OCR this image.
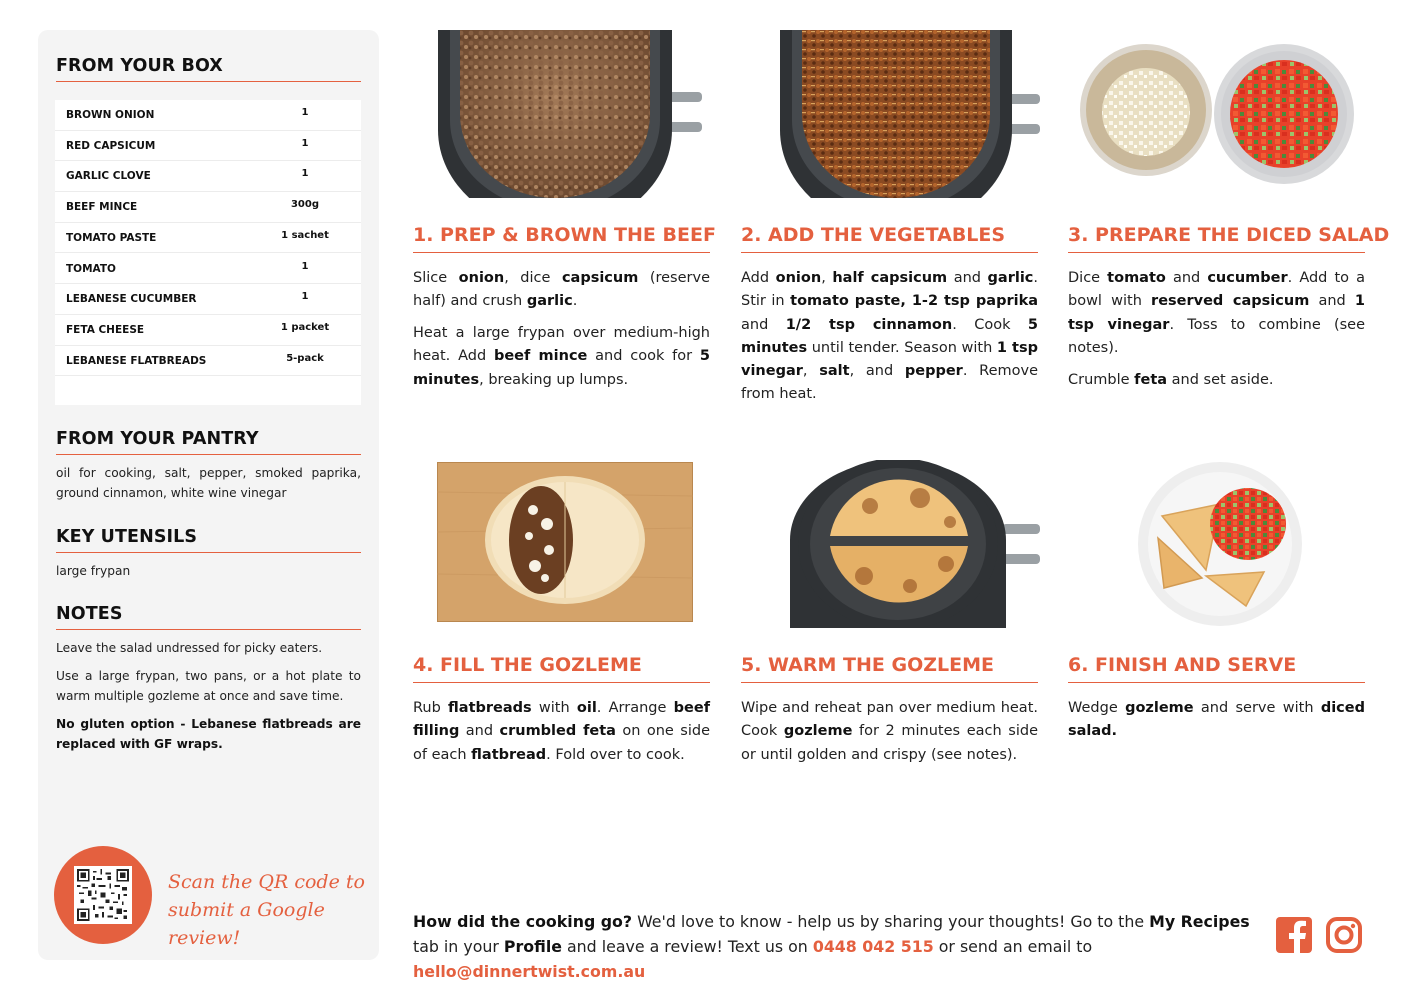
FROM YOUR BOX
BROWN ONION	1
RED CAPSICUM	1
GARLIC CLOVE	1
BEEF MINCE	300g
TOMATO PASTE	1 sachet
TOMATO	1
LEBANESE CUCUMBER	1
FETA CHEESE	1 packet
LEBANESE FLATBREADS	5-pack
FROM YOUR PANTRY
oil for cooking, salt, pepper, smoked paprika, ground cinnamon, white wine vinegar
KEY UTENSILS
large frypan
NOTES
Leave the salad undressed for picky eaters.
Use a large frypan, two pans, or a hot plate to warm multiple gozleme at once and save time.
No gluten option - Lebanese flatbreads are replaced with GF wraps.
Scan the QR code to
submit a Google review!
1. PREP & BROWN THE BEEF

Slice onion, dice capsicum (reserve half) and crush garlic.

Heat a large frypan over medium-high heat. Add beef mince and cook for 5 minutes, breaking up lumps.

2. ADD THE VEGETABLES

Add onion, half capsicum and garlic. Stir in tomato paste, 1-2 tsp paprika and 1/2 tsp cinnamon. Cook 5 minutes until tender. Season with 1 tsp vinegar, salt, and pepper. Remove from heat.

3. PREPARE THE DICED SALAD

Dice tomato and cucumber. Add to a bowl with reserved capsicum and 1 tsp vinegar. Toss to combine (see notes).

Crumble feta and set aside.

4. FILL THE GOZLEME

Rub flatbreads with oil. Arrange beef filling and crumbled feta on one side of each flatbread. Fold over to cook.

5. WARM THE GOZLEME

Wipe and reheat pan over medium heat. Cook gozleme for 2 minutes each side or until golden and crispy (see notes).

6. FINISH AND SERVE

Wedge gozleme and serve with diced salad.

How did the cooking go? We'd love to know - help us by sharing your thoughts! Go to the My Recipes tab in your Profile and leave a review! Text us on 0448 042 515 or send an email to hello@dinnertwist.com.au
